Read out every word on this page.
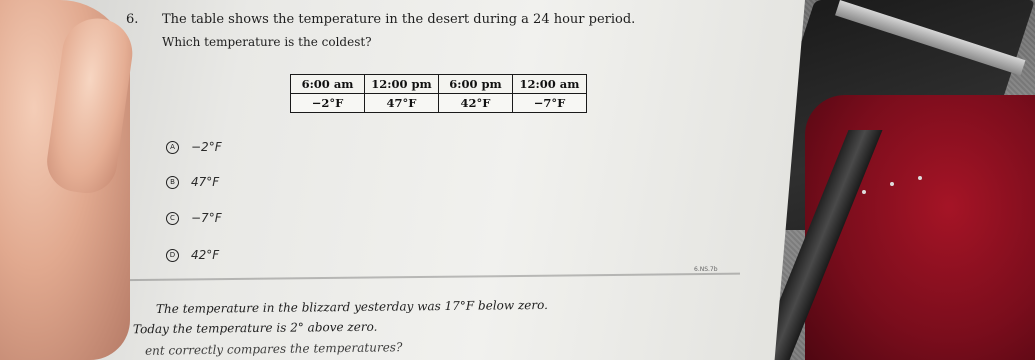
6. The table shows the temperature in the desert during a 24 hour period.
Which temperature is the coldest?
6:00 am	12:00 pm	6:00 pm	12:00 am
−2°F	47°F	42°F	−7°F
A	−2°F
B	47°F
C	−7°F
D	42°F
6.NS.7b
The temperature in the blizzard yesterday was 17°F below zero.
Today the temperature is 2° above zero.
ent correctly compares the temperatures?
